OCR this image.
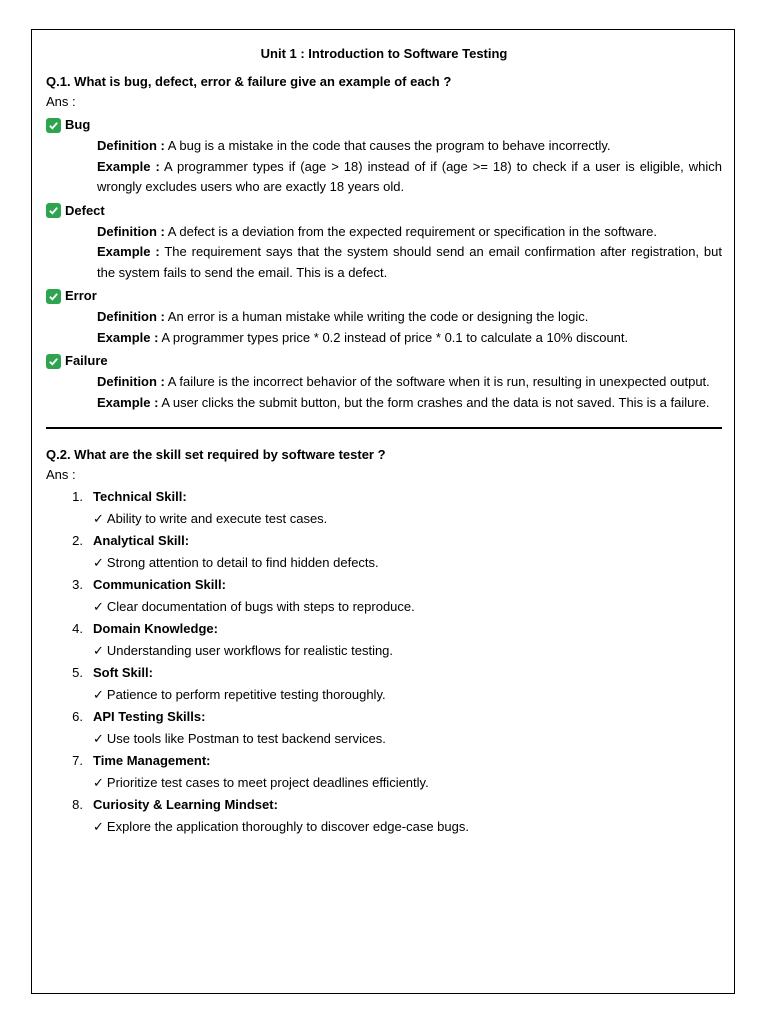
Unit 1 : Introduction to Software Testing

Q.1. What is bug, defect, error & failure give an example of each ?

Ans :

Bug

Definition : A bug is a mistake in the code that causes the program to behave incorrectly.

Example : A programmer types if (age > 18) instead of if (age >= 18) to check if a user is eligible, which wrongly excludes users who are exactly 18 years old.

Defect

Definition : A defect is a deviation from the expected requirement or specification in the software.

Example : The requirement says that the system should send an email confirmation after registration, but the system fails to send the email. This is a defect.

Error

Definition : An error is a human mistake while writing the code or designing the logic.

Example : A programmer types price * 0.2 instead of price * 0.1 to calculate a 10% discount.

Failure

Definition : A failure is the incorrect behavior of the software when it is run, resulting in unexpected output.

Example : A user clicks the submit button, but the form crashes and the data is not saved. This is a failure.

Q.2. What are the skill set required by software tester ?

Ans :

1. Technical Skill:
✓ Ability to write and execute test cases.
2. Analytical Skill:
✓ Strong attention to detail to find hidden defects.
3. Communication Skill:
✓ Clear documentation of bugs with steps to reproduce.
4. Domain Knowledge:
✓ Understanding user workflows for realistic testing.
5. Soft Skill:
✓ Patience to perform repetitive testing thoroughly.
6. API Testing Skills:
✓ Use tools like Postman to test backend services.
7. Time Management:
✓ Prioritize test cases to meet project deadlines efficiently.
8. Curiosity & Learning Mindset:
✓ Explore the application thoroughly to discover edge-case bugs.
